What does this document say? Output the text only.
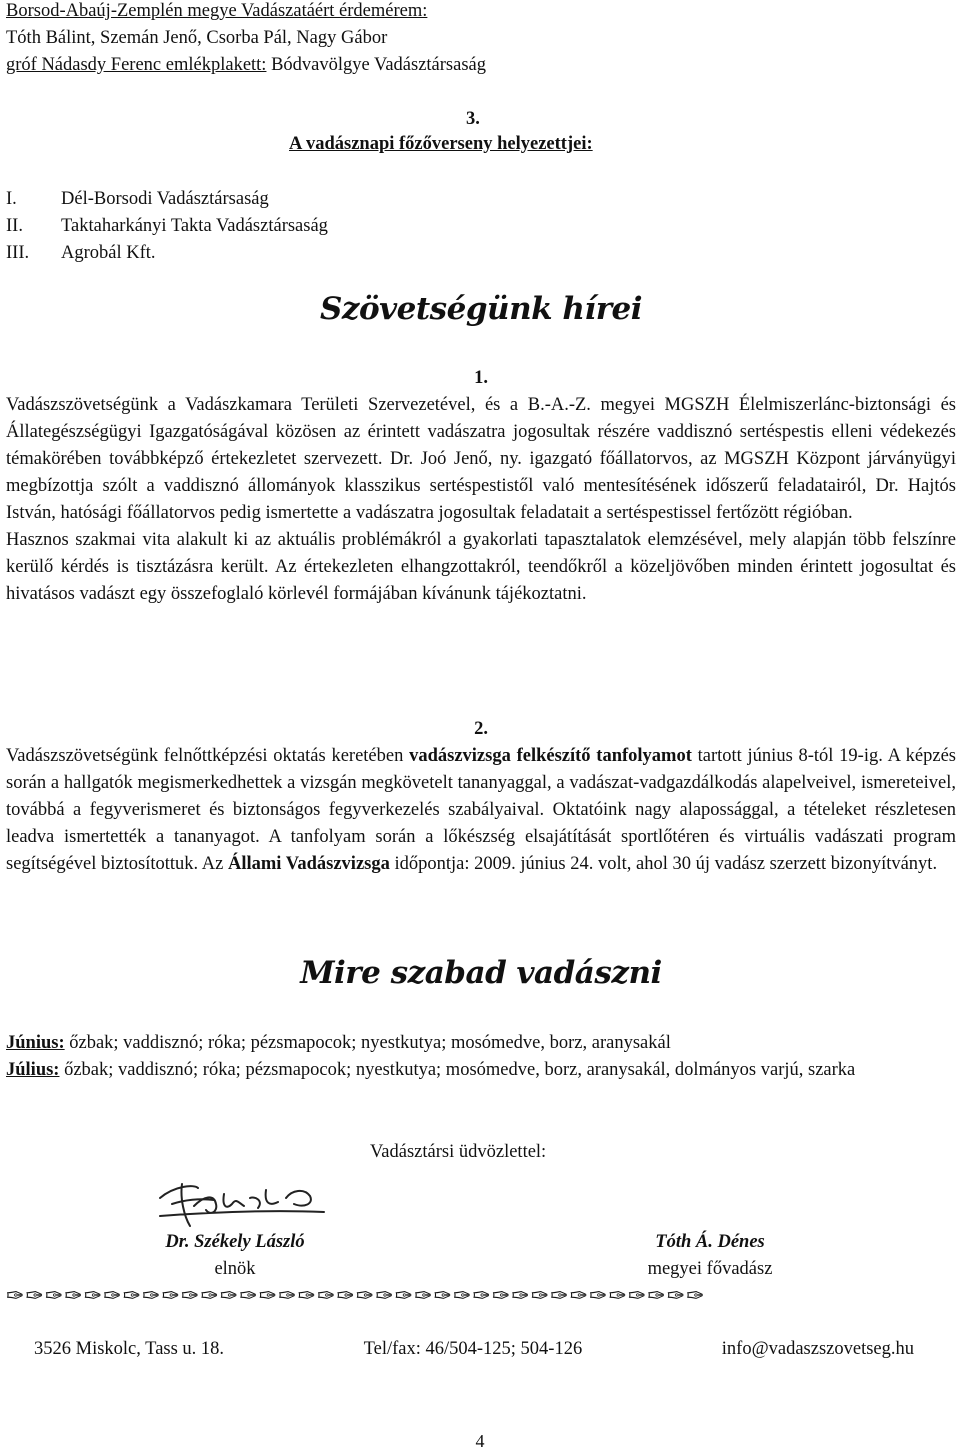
Borsod-Abaúj-Zemplén megye Vadászatáért érdemérem:
Tóth Bálint, Szemán Jenő, Csorba Pál, Nagy Gábor
gróf Nádasdy Ferenc emlékplakett: Bódvavölgye Vadásztársaság
3.
A vadásznapi főzőverseny helyezettjei:
I. Dél-Borsodi Vadásztársaság
II. Taktaharkányi Takta Vadásztársaság
III. Agrobál Kft.
Szövetségünk hírei
1.
Vadászszövetségünk a Vadászkamara Területi Szervezetével, és a B.-A.-Z. megyei MGSZH Élelmiszerlánc-biztonsági és Állategészségügyi Igazgatóságával közösen az érintett vadászatra jogosultak részére vaddisznó sertéspestis elleni védekezés témakörében továbbképző értekezletet szervezett. Dr. Joó Jenő, ny. igazgató főállatorvos, az MGSZH Központ járványügyi megbízottja szólt a vaddisznó állományok klasszikus sertéspestistől való mentesítésének időszerű feladatairól, Dr. Hajtós István, hatósági főállatorvos pedig ismertette a vadászatra jogosultak feladatait a sertéspestissel fertőzött régióban.
Hasznos szakmai vita alakult ki az aktuális problémákról a gyakorlati tapasztalatok elemzésével, mely alapján több felszínre kerülő kérdés is tisztázásra került. Az értekezleten elhangzottakról, teendőkről a közeljövőben minden érintett jogosultat és hivatásos vadászt egy összefoglaló körlevél formájában kívánunk tájékoztatni.
2.
Vadászszövetségünk felnőttképzési oktatás keretében vadászvizsga felkészítő tanfolyamot tartott június 8-tól 19-ig. A képzés során a hallgatók megismerkedhettek a vizsgán megkövetelt tananyaggal, a vadászat-vadgazdálkodás alapelveivel, ismereteivel, továbbá a fegyverismeret és biztonságos fegyverkezelés szabályaival. Oktatóink nagy alapossággal, a tételeket részletesen leadva ismertették a tananyagot. A tanfolyam során a lőkészség elsajátítását sportlőtéren és virtuális vadászati program segítségével biztosítottuk. Az Állami Vadászvizsga időpontja: 2009. június 24. volt, ahol 30 új vadász szerzett bizonyítványt.
Mire szabad vadászni
Június: őzbak; vaddisznó; róka; pézsmapocok; nyestkutya; mosómedve, borz, aranysakál
Július: őzbak; vaddisznó; róka; pézsmapocok; nyestkutya; mosómedve, borz, aranysakál, dolmányos varjú, szarka
Vadásztársi üdvözlettel:
Dr. Székely László
elnök
Tóth Á. Dénes
megyei fővadász
✑✑✑✑✑✑✑✑✑✑✑✑✑✑✑✑✑✑✑✑✑✑✑✑✑✑✑✑✑✑✑✑✑✑✑✑
3526 Miskolc, Tass u. 18.	Tel/fax: 46/504-125; 504-126	info@vadaszszovetseg.hu
4
